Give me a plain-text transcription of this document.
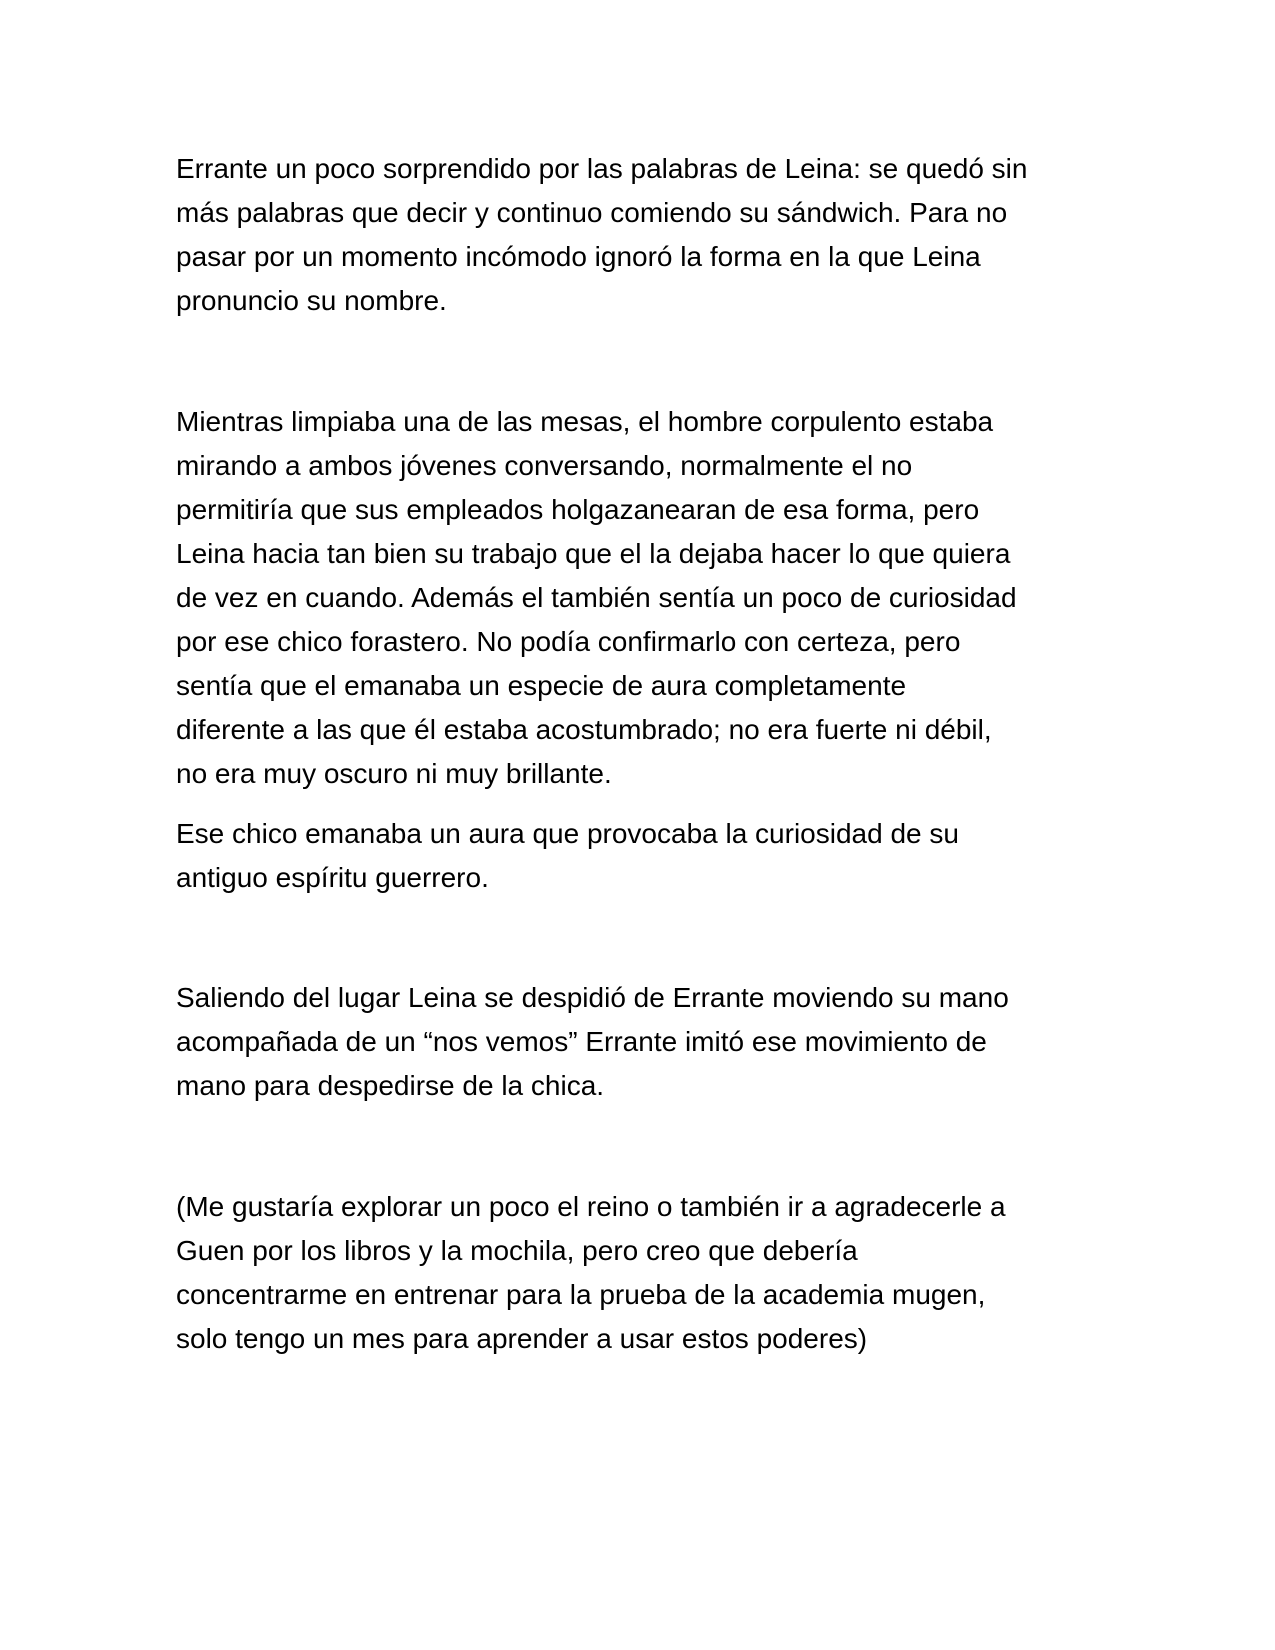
Errante un poco sorprendido por las palabras de Leina: se quedó sin
más palabras que decir y continuo comiendo su sándwich. Para no
pasar por un momento incómodo ignoró la forma en la que Leina
pronuncio su nombre.

Mientras limpiaba una de las mesas, el hombre corpulento estaba
mirando a ambos jóvenes conversando, normalmente el no
permitiría que sus empleados holgazanearan de esa forma, pero
Leina hacia tan bien su trabajo que el la dejaba hacer lo que quiera
de vez en cuando. Además el también sentía un poco de curiosidad
por ese chico forastero. No podía confirmarlo con certeza, pero
sentía que el emanaba un especie de aura completamente
diferente a las que él estaba acostumbrado; no era fuerte ni débil,
no era muy oscuro ni muy brillante.

Ese chico emanaba un aura que provocaba la curiosidad de su
antiguo espíritu guerrero.

Saliendo del lugar Leina se despidió de Errante moviendo su mano
acompañada de un “nos vemos” Errante imitó ese movimiento de
mano para despedirse de la chica.

(Me gustaría explorar un poco el reino o también ir a agradecerle a
Guen por los libros y la mochila, pero creo que debería
concentrarme en entrenar para la prueba de la academia mugen,
solo tengo un mes para aprender a usar estos poderes)
